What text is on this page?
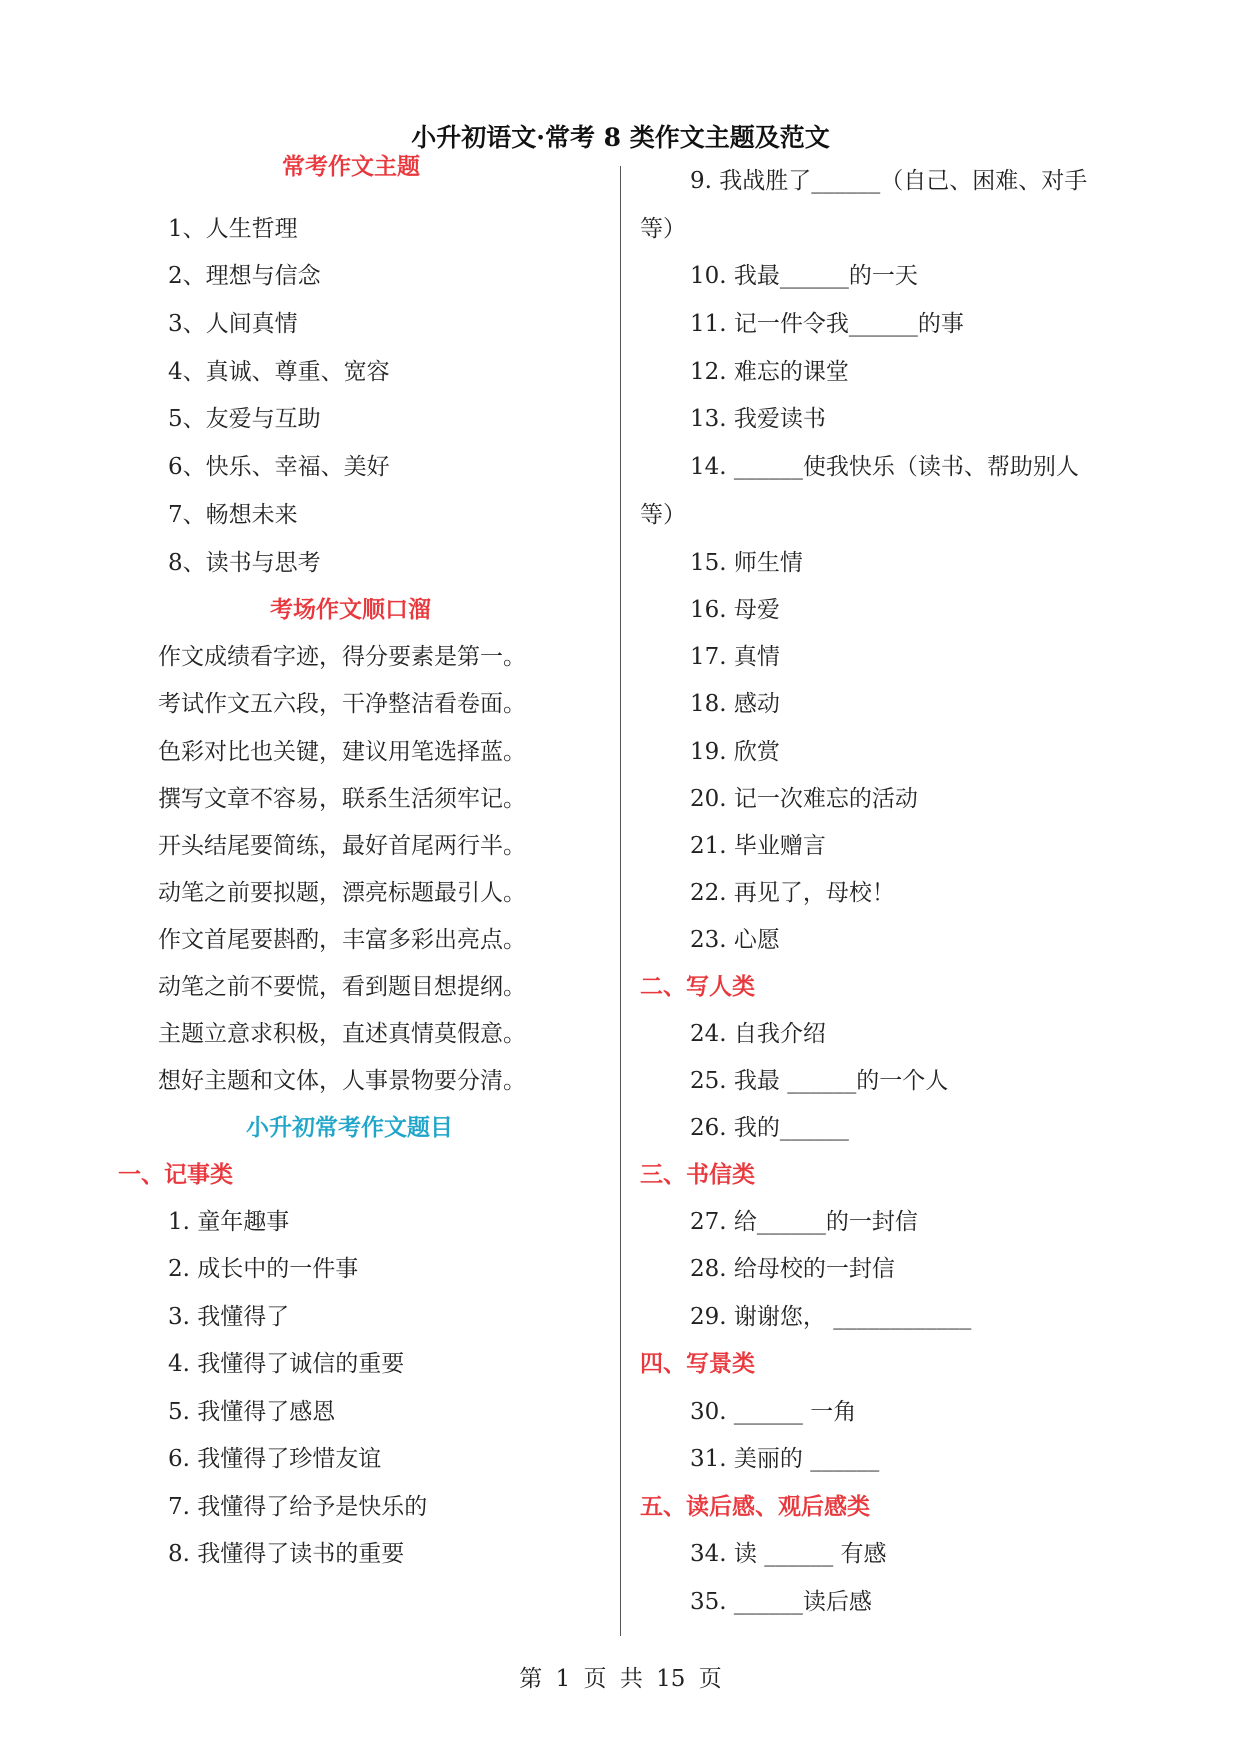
小升初语文·常考 8 类作文主题及范文
常考作文主题
1、人生哲理
2、理想与信念
3、人间真情
4、真诚、尊重、宽容
5、友爱与互助
6、快乐、幸福、美好
7、畅想未来
8、读书与思考
考场作文顺口溜
作文成绩看字迹，得分要素是第一。
考试作文五六段，干净整洁看卷面。
色彩对比也关键，建议用笔选择蓝。
撰写文章不容易，联系生活须牢记。
开头结尾要简练，最好首尾两行半。
动笔之前要拟题，漂亮标题最引人。
作文首尾要斟酌，丰富多彩出亮点。
动笔之前不要慌，看到题目想提纲。
主题立意求积极，直述真情莫假意。
想好主题和文体，人事景物要分清。
小升初常考作文题目
一、记事类
1. 童年趣事
2. 成长中的一件事
3. 我懂得了
4. 我懂得了诚信的重要
5. 我懂得了感恩
6. 我懂得了珍惜友谊
7. 我懂得了给予是快乐的
8. 我懂得了读书的重要
9. 我战胜了______（自己、困难、对手
等）
10. 我最______的一天
11. 记一件令我______的事
12. 难忘的课堂
13. 我爱读书
14. ______使我快乐（读书、帮助别人
等）
15. 师生情
16. 母爱
17. 真情
18. 感动
19. 欣赏
20. 记一次难忘的活动
21. 毕业赠言
22. 再见了，母校！
23. 心愿
二、写人类
24. 自我介绍
25. 我最 ______的一个人
26. 我的______
三、书信类
27. 给______的一封信
28. 给母校的一封信
29. 谢谢您， ____________
四、写景类
30. ______ 一角
31. 美丽的 ______
五、读后感、观后感类
34. 读 ______ 有感
35. ______读后感
第 1 页 共 15 页
